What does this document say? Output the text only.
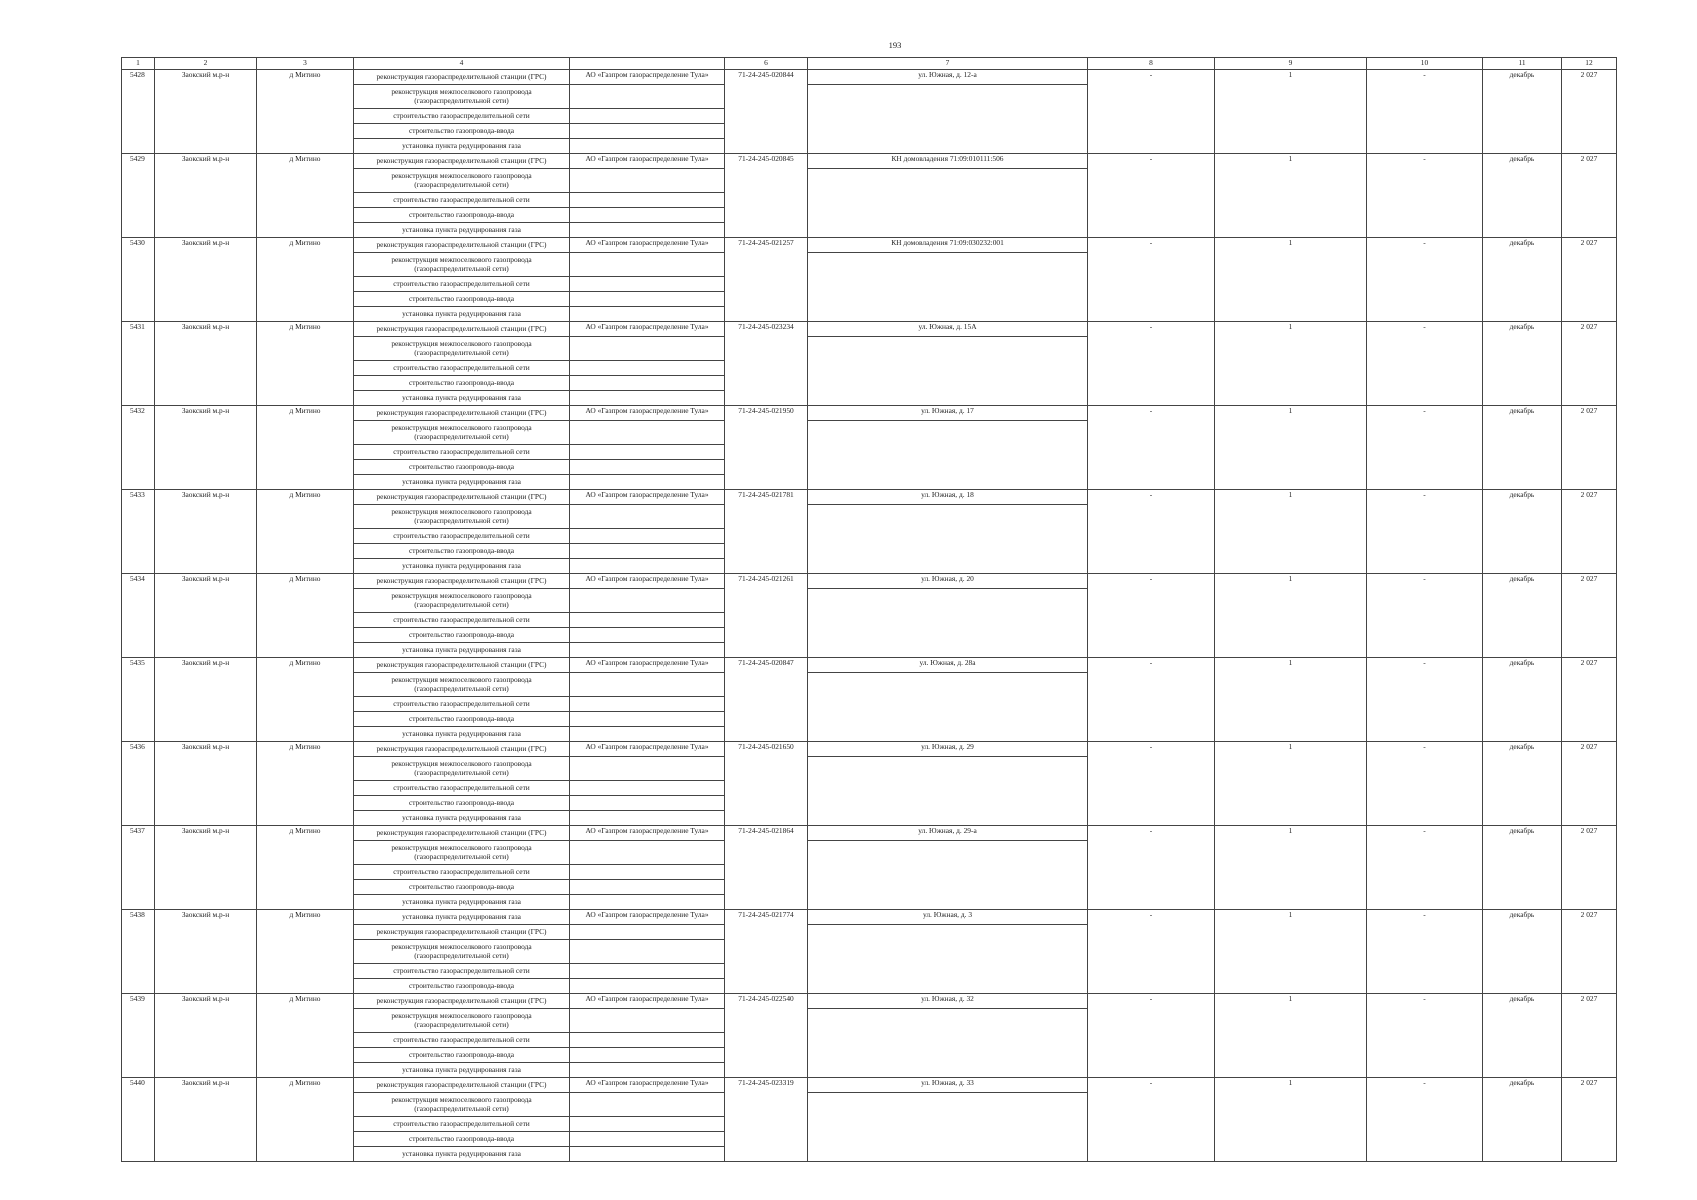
193
1	2	3	4		6	7	8	9	10	11	12
5428	Заокский м.р-н	д Митино	реконструкция газораспределительной станции (ГРС)	АО «Газпром газораспределение Тула»	71-24-245-020844	ул. Южная, д. 12-а	-	1	-	декабрь	2 027
			реконструкция межпоселкового газопровода (газораспределительной сети)								
			строительство газораспределительной сети								
			строительство газопровода-ввода								
			установка пункта редуцирования газа								
5429	Заокский м.р-н	д Митино	реконструкция газораспределительной станции (ГРС)	АО «Газпром газораспределение Тула»	71-24-245-020845	КН домовладения 71:09:010111:506	-	1	-	декабрь	2 027
			реконструкция межпоселкового газопровода (газораспределительной сети)								
			строительство газораспределительной сети								
			строительство газопровода-ввода								
			установка пункта редуцирования газа								
5430	Заокский м.р-н	д Митино	реконструкция газораспределительной станции (ГРС)	АО «Газпром газораспределение Тула»	71-24-245-021257	КН домовладения 71:09:030232:001	-	1	-	декабрь	2 027
			реконструкция межпоселкового газопровода (газораспределительной сети)								
			строительство газораспределительной сети								
			строительство газопровода-ввода								
			установка пункта редуцирования газа								
5431	Заокский м.р-н	д Митино	реконструкция газораспределительной станции (ГРС)	АО «Газпром газораспределение Тула»	71-24-245-023234	ул. Южная, д. 15А	-	1	-	декабрь	2 027
			реконструкция межпоселкового газопровода (газораспределительной сети)								
			строительство газораспределительной сети								
			строительство газопровода-ввода								
			установка пункта редуцирования газа								
5432	Заокский м.р-н	д Митино	реконструкция газораспределительной станции (ГРС)	АО «Газпром газораспределение Тула»	71-24-245-021950	ул. Южная, д. 17	-	1	-	декабрь	2 027
			реконструкция межпоселкового газопровода (газораспределительной сети)								
			строительство газораспределительной сети								
			строительство газопровода-ввода								
			установка пункта редуцирования газа								
5433	Заокский м.р-н	д Митино	реконструкция газораспределительной станции (ГРС)	АО «Газпром газораспределение Тула»	71-24-245-021781	ул. Южная, д. 18	-	1	-	декабрь	2 027
			реконструкция межпоселкового газопровода (газораспределительной сети)								
			строительство газораспределительной сети								
			строительство газопровода-ввода								
			установка пункта редуцирования газа								
5434	Заокский м.р-н	д Митино	реконструкция газораспределительной станции (ГРС)	АО «Газпром газораспределение Тула»	71-24-245-021261	ул. Южная, д. 20	-	1	-	декабрь	2 027
			реконструкция межпоселкового газопровода (газораспределительной сети)								
			строительство газораспределительной сети								
			строительство газопровода-ввода								
			установка пункта редуцирования газа								
5435	Заокский м.р-н	д Митино	реконструкция газораспределительной станции (ГРС)	АО «Газпром газораспределение Тула»	71-24-245-020847	ул. Южная, д. 28а	-	1	-	декабрь	2 027
			реконструкция межпоселкового газопровода (газораспределительной сети)								
			строительство газораспределительной сети								
			строительство газопровода-ввода								
			установка пункта редуцирования газа								
5436	Заокский м.р-н	д Митино	реконструкция газораспределительной станции (ГРС)	АО «Газпром газораспределение Тула»	71-24-245-021650	ул. Южная, д. 29	-	1	-	декабрь	2 027
			реконструкция межпоселкового газопровода (газораспределительной сети)								
			строительство газораспределительной сети								
			строительство газопровода-ввода								
			установка пункта редуцирования газа								
5437	Заокский м.р-н	д Митино	реконструкция газораспределительной станции (ГРС)	АО «Газпром газораспределение Тула»	71-24-245-021864	ул. Южная, д. 29-а	-	1	-	декабрь	2 027
			реконструкция межпоселкового газопровода (газораспределительной сети)								
			строительство газораспределительной сети								
			строительство газопровода-ввода								
			установка пункта редуцирования газа								
5438	Заокский м.р-н	д Митино	установка пункта редуцирования газа	АО «Газпром газораспределение Тула»	71-24-245-021774	ул. Южная, д. 3	-	1	-	декабрь	2 027
			реконструкция газораспределительной станции (ГРС)								
			реконструкция межпоселкового газопровода (газораспределительной сети)								
			строительство газораспределительной сети								
			строительство газопровода-ввода								
5439	Заокский м.р-н	д Митино	реконструкция газораспределительной станции (ГРС)	АО «Газпром газораспределение Тула»	71-24-245-022540	ул. Южная, д. 32	-	1	-	декабрь	2 027
			реконструкция межпоселкового газопровода (газораспределительной сети)								
			строительство газораспределительной сети								
			строительство газопровода-ввода								
			установка пункта редуцирования газа								
5440	Заокский м.р-н	д Митино	реконструкция газораспределительной станции (ГРС)	АО «Газпром газораспределение Тула»	71-24-245-023319	ул. Южная, д. 33	-	1	-	декабрь	2 027
			реконструкция межпоселкового газопровода (газораспределительной сети)								
			строительство газораспределительной сети								
			строительство газопровода-ввода								
			установка пункта редуцирования газа								
